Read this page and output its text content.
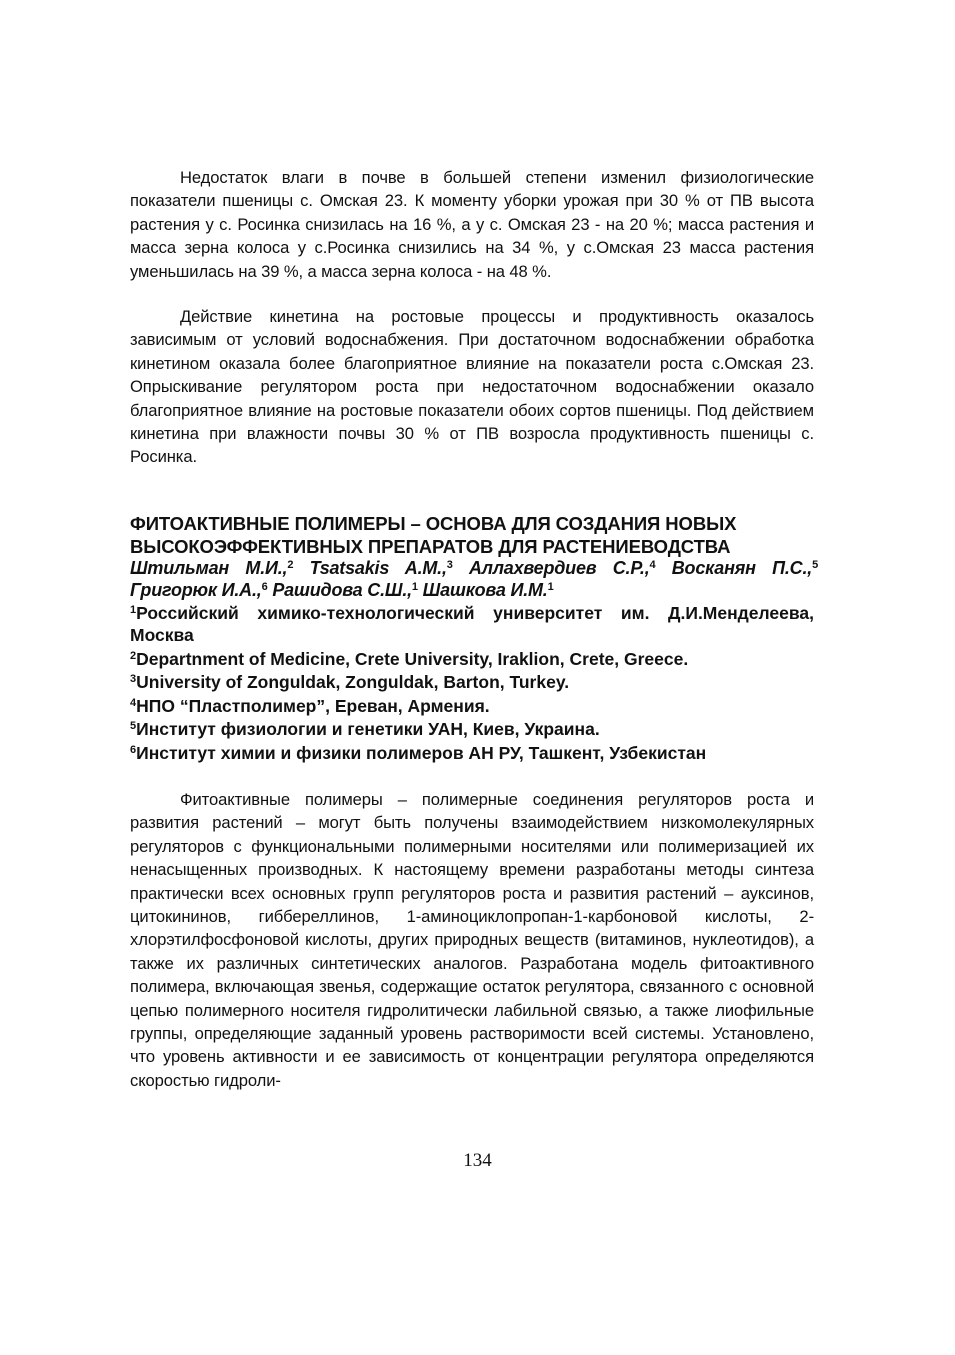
Недостаток влаги в почве в большей степени изменил физиологические показатели пшеницы с. Омская 23. К моменту уборки урожая при 30 % от ПВ высота растения у с. Росинка снизилась на 16 %, а у с. Омская 23 - на 20 %; масса растения и масса зерна колоса у с.Росинка снизились на 34 %, у с.Омская 23 масса растения уменьшилась на 39 %, а масса зерна колоса - на 48 %.

Действие кинетина на ростовые процессы и продуктивность оказалось зависимым от условий водоснабжения. При достаточном водоснабжении обработка кинетином оказала более благоприятное влияние на показатели роста с.Омская 23. Опрыскивание регулятором роста при недостаточном водоснабжении оказало благоприятное влияние на ростовые показатели обоих сортов пшеницы. Под действием кинетина при влажности почвы 30 % от ПВ возросла продуктивность пшеницы с. Росинка.

ФИТОАКТИВНЫЕ ПОЛИМЕРЫ – ОСНОВА ДЛЯ СОЗДАНИЯ НОВЫХ ВЫСОКОЭФФЕКТИВНЫХ ПРЕПАРАТОВ ДЛЯ РАСТЕНИЕВОДСТВА
Штильман М.И.,$^2$ Tsatsakis A.M.,$^3$ Аллахвердиев С.Р.,$^4$ Восканян П.С.,$^5$ Григорюк И.А.,$^6$ Рашидова С.Ш.,$^1$ Шашкова И.М.$^1$

$^1$Российский химико-технологический университет им. Д.И.Менделеева, Москва

$^2$Departnment of Medicine, Crete University, Iraklion, Crete, Greece.

$^3$University of Zonguldak, Zonguldak, Barton, Turkey.

$^4$НПО “Пластполимер”, Ереван, Армения.

$^5$Институт физиологии и генетики УАН, Киев, Украина.

$^6$Институт химии и физики полимеров АН РУ, Ташкент, Узбекистан

Фитоактивные полимеры – полимерные соединения регуляторов роста и развития растений – могут быть получены взаимодействием низкомолекулярных регуляторов с функциональными полимерными носителями или полимеризацией их ненасыщенных производных. К настоящему времени разработаны методы синтеза практически всех основных групп регуляторов роста и развития растений – ауксинов, цитокининов, гиббереллинов, 1-аминоциклопропан-1-карбоновой кислоты, 2-хлорэтилфосфоновой кислоты, других природных веществ (витаминов, нуклеотидов), а также их различных синтетических аналогов. Разработана модель фитоактивного полимера, включающая звенья, содержащие остаток регулятора, связанного с основной цепью полимерного носителя гидролитически лабильной связью, а также лиофильные группы, определяющие заданный уровень растворимости всей системы. Установлено, что уровень активности и ее зависимость от концентрации регулятора определяются скоростью гидроли-

134
